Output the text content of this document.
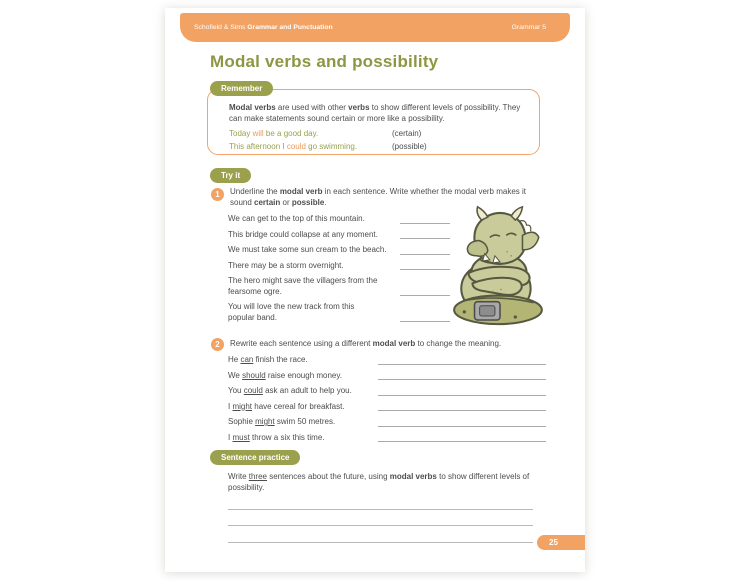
Schofield & Sims Grammar and Punctuation	Grammar 5
Modal verbs and possibility
Remember
Modal verbs are used with other verbs to show different levels of possibility. They can make statements sound certain or more like a possibility.
Today will be a good day.	(certain)
This afternoon I could go swimming.	(possible)
Try it
1	Underline the modal verb in each sentence. Write whether the modal verb makes it sound certain or possible.
We can get to the top of this mountain.
This bridge could collapse at any moment.
We must take some sun cream to the beach.
There may be a storm overnight.
The hero might save the villagers from the fearsome ogre.
You will love the new track from this popular band.
2	Rewrite each sentence using a different modal verb to change the meaning.
He can finish the race.
We should raise enough money.
You could ask an adult to help you.
I might have cereal for breakfast.
Sophie might swim 50 metres.
I must throw a six this time.
Sentence practice
Write three sentences about the future, using modal verbs to show different levels of possibility.
25
